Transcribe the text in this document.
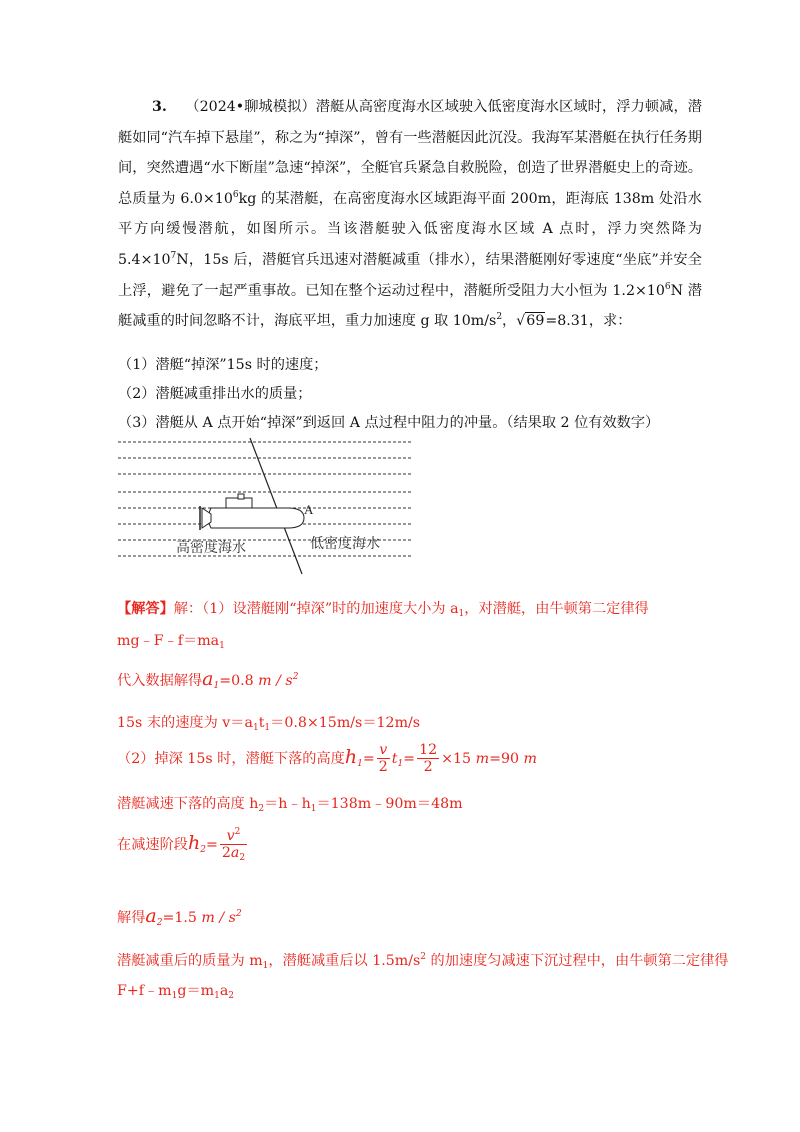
3. （2024•聊城模拟）潜艇从高密度海水区域驶入低密度海水区域时，浮力顿减，潜艇如同“汽车掉下悬崖”，称之为“掉深”，曾有一些潜艇因此沉没。我海军某潜艇在执行任务期间，突然遭遇“水下断崖”急速“掉深”，全艇官兵紧急自救脱险，创造了世界潜艇史上的奇迹。总质量为 $6.0\times 10^6kg$ 的某潜艇，在高密度海水区域距海平面 200m，距海底 138m 处沿水平方向缓慢潜航，如图所示。当该潜艇驶入低密度海水区域 A 点时，浮力突然降为 $5.4\times 10^7N$，15s 后，潜艇官兵迅速对潜艇减重（排水），结果潜艇刚好零速度“坐底”并安全上浮，避免了一起严重事故。已知在整个运动过程中，潜艇所受阻力大小恒为 $1.2\times 10^6N$ 潜艇减重的时间忽略不计，海底平坦，重力加速度 g 取 $10m/s^2$，√69=8.31，求：

（1）潜艇“掉深”15s 时的速度；
（2）潜艇减重排出水的质量；
（3）潜艇从 A 点开始“掉深”到返回 A 点过程中阻力的冲量。（结果取 2 位有效数字）
A
高密度海水	低密度海水
【解答】解：（1）设潜艇刚“掉深”时的加速度大小为 $a_1$，对潜艇，由牛顿第二定律得
$mg﹣F﹣f=ma_1$
代入数据解得$a_1=0.8$ m / $s^2$
15s 末的速度为 $v=a_1t_1=0.8\times 15m/s=12m/s$
（2）掉深 15s 时，潜艇下落的高度$h_1= \frac{v}{2} t_1= \frac{12}{2} \times 15$ m=90 m
潜艇减速下落的高度 $h_2=h﹣h_1=138m﹣90m=48m$
在减速阶段$h_2= \frac{v^2}{2a_2}$
解得$a_2=1.5$ m / $s^2$
潜艇减重后的质量为 $m_1$，潜艇减重后以 $1.5m/s^2$ 的加速度匀减速下沉过程中，由牛顿第二定律得
$F+f﹣m_1g=m_1a_2$
